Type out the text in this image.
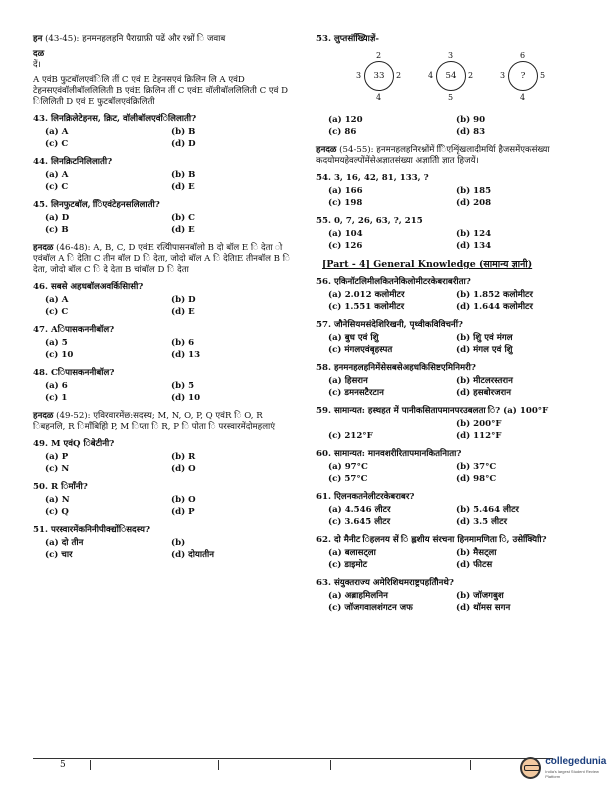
हन (43-45): हनमनहलहनि पैराग्राफ़ी पढें और रश्नों ि जवाब
दळ
दें।
A एवंB फुटबॉलएवंिलि तीं C एवं E टेहनसएवं क्रिलिन लि A एवंD टेहनसएवंवॉलीबॉललिलिती B एवंE क्रिलिन तीं C एवंE वॉलीबॉललिलिती C एवं D िलिलिती D एवं E फुटबॉलएवंक्रिलिती
43. लिनक्रिलेटेहनस, क्रिट, वॉलीबॉलएवंिलिलाती?
(a) A	(b) B
(c) C	(d) D
44. लिनक्रिटनिलिलाती?
(a) A	(b) B
(c) C	(d) E
45. लिनफुटबॉल, ििएवंटेहनसलिलाती?
(a) D	(b) C
(c) B	(d) E
हनदळ (46-48): A, B, C, D एवंE रत्यीिपासनबॉलो B दो बॉल E ि देता ो एवंबॉल A ि देताि C तीन बॉल D ि देता, जोदो बॉल A ि देतािE तीनबॉल B ि देता, जोदो बॉल C ि दे देता B चांबॉल D ि देता
46. सबसे अहधबॉलअवर्किसिासी?
(a) A	(b) D
(c) C	(d) E
47. Aिपासकननीबॉल?
(a) 5	(b) 6
(c) 10	(d) 13
48. Cिपासकननीबॉल?
(a) 6	(b) 5
(c) 1	(d) 10
हनदळ (49-52): एविरवारमेंछ:सदस्य; M, N, O, P, Q एवंR ि O, R िबहनलि, R िमाँबिहोि P, M िप्ता ि R, P ि पोता ि परस्वारमेंदोमहलाएं
49. M एवंQ िबेटीनी?
(a) P	(b) R
(c) N	(d) O
50. R िमाँनी?
(a) N	(b) O
(c) Q	(d) P
51. परस्वारमेंकनिनीपीक्द्योंिसदस्य?
(a) दो तीन	(b)
(c) चार	(d) दोयातीन
53. लुप्तसंख्याििज्ञें-
2
3	2
4
33
3
4	2
5
54
6
3	5
4
?
(a) 120	(b) 90
(c) 86	(d) 83
हनदळ (54-55): हनमनहलहनिरश्नोंमें ििएशृिंखलादीमर्याि हैजसमेंएकसंख्या कदयोमयहेवल्पोंमेंसेअज्ञातसंख्या अज्ञातीि ज्ञात हिजयें।
54. 3, 16, 42, 81, 133, ?
(a) 166	(b) 185
(c) 198	(d) 208
55. 0, 7, 26, 63, ?, 215
(a) 104	(b) 124
(c) 126	(d) 134
[Part - 4] General Knowledge (सामान्य ज्ञानी)
56. एकिनॉटलिमीलकितनेकिलोमीटरकेबराबरीता?
(a) 2.012 कलोमीटर	(b) 1.852 कलोमीटर
(c) 1.551 कलोमीटर	(d) 1.644 कलोमीटर
57. जौनेसियमसंदेशिरिखनी, पृथ्वीकविविचनीं?
(a) बुध एवं शुि	(b) शुि एवं मंगल
(c) मंगलएवंबृहस्पत	(d) मंगल एवं शुि
58. हनमनहलहनिमेंसेसबसेअहधकिसिष्टएमिनिमरी?
(a) हिसरान	(b) मीटलरस्तरान
(c) डमनसटैरटान	(d) हसबोरजरान
59. सामान्यत: हस्थहत में पानीकसितापमानपरउबलता ि? (a) 100°F
(b) 200°F
(c) 212°F	(d) 112°F
60. सामान्यत: मानवशरीरितापमानकितनािता?
(a) 97°C	(b) 37°C
(c) 57°C	(d) 98°C
61. एिलनकतनेलीटरकेबराबर?
(a) 4.546 लीटर	(b) 5.464 लीटर
(c) 3.645 लीटर	(d) 3.5 लीटर
62. दो मैनीट िहलनय सें ि ह्लशीय संरचना हिनमामणिता ि, उसेक्याििी?
(a) बलासट्ला	(b) मैसट्ला
(c) डाइमोट	(d) फीटस
63. संयुक्तराज्य अमेरिशिथमराष्ट्रपहतिौनथे?
(a) अब्राहमिलनिन	(b) जॉजगबुश
(c) जॉजगवालशंगटन जफ	(d) थॉमस सगन
5	collegedunia
India's largest Student Review Platform
